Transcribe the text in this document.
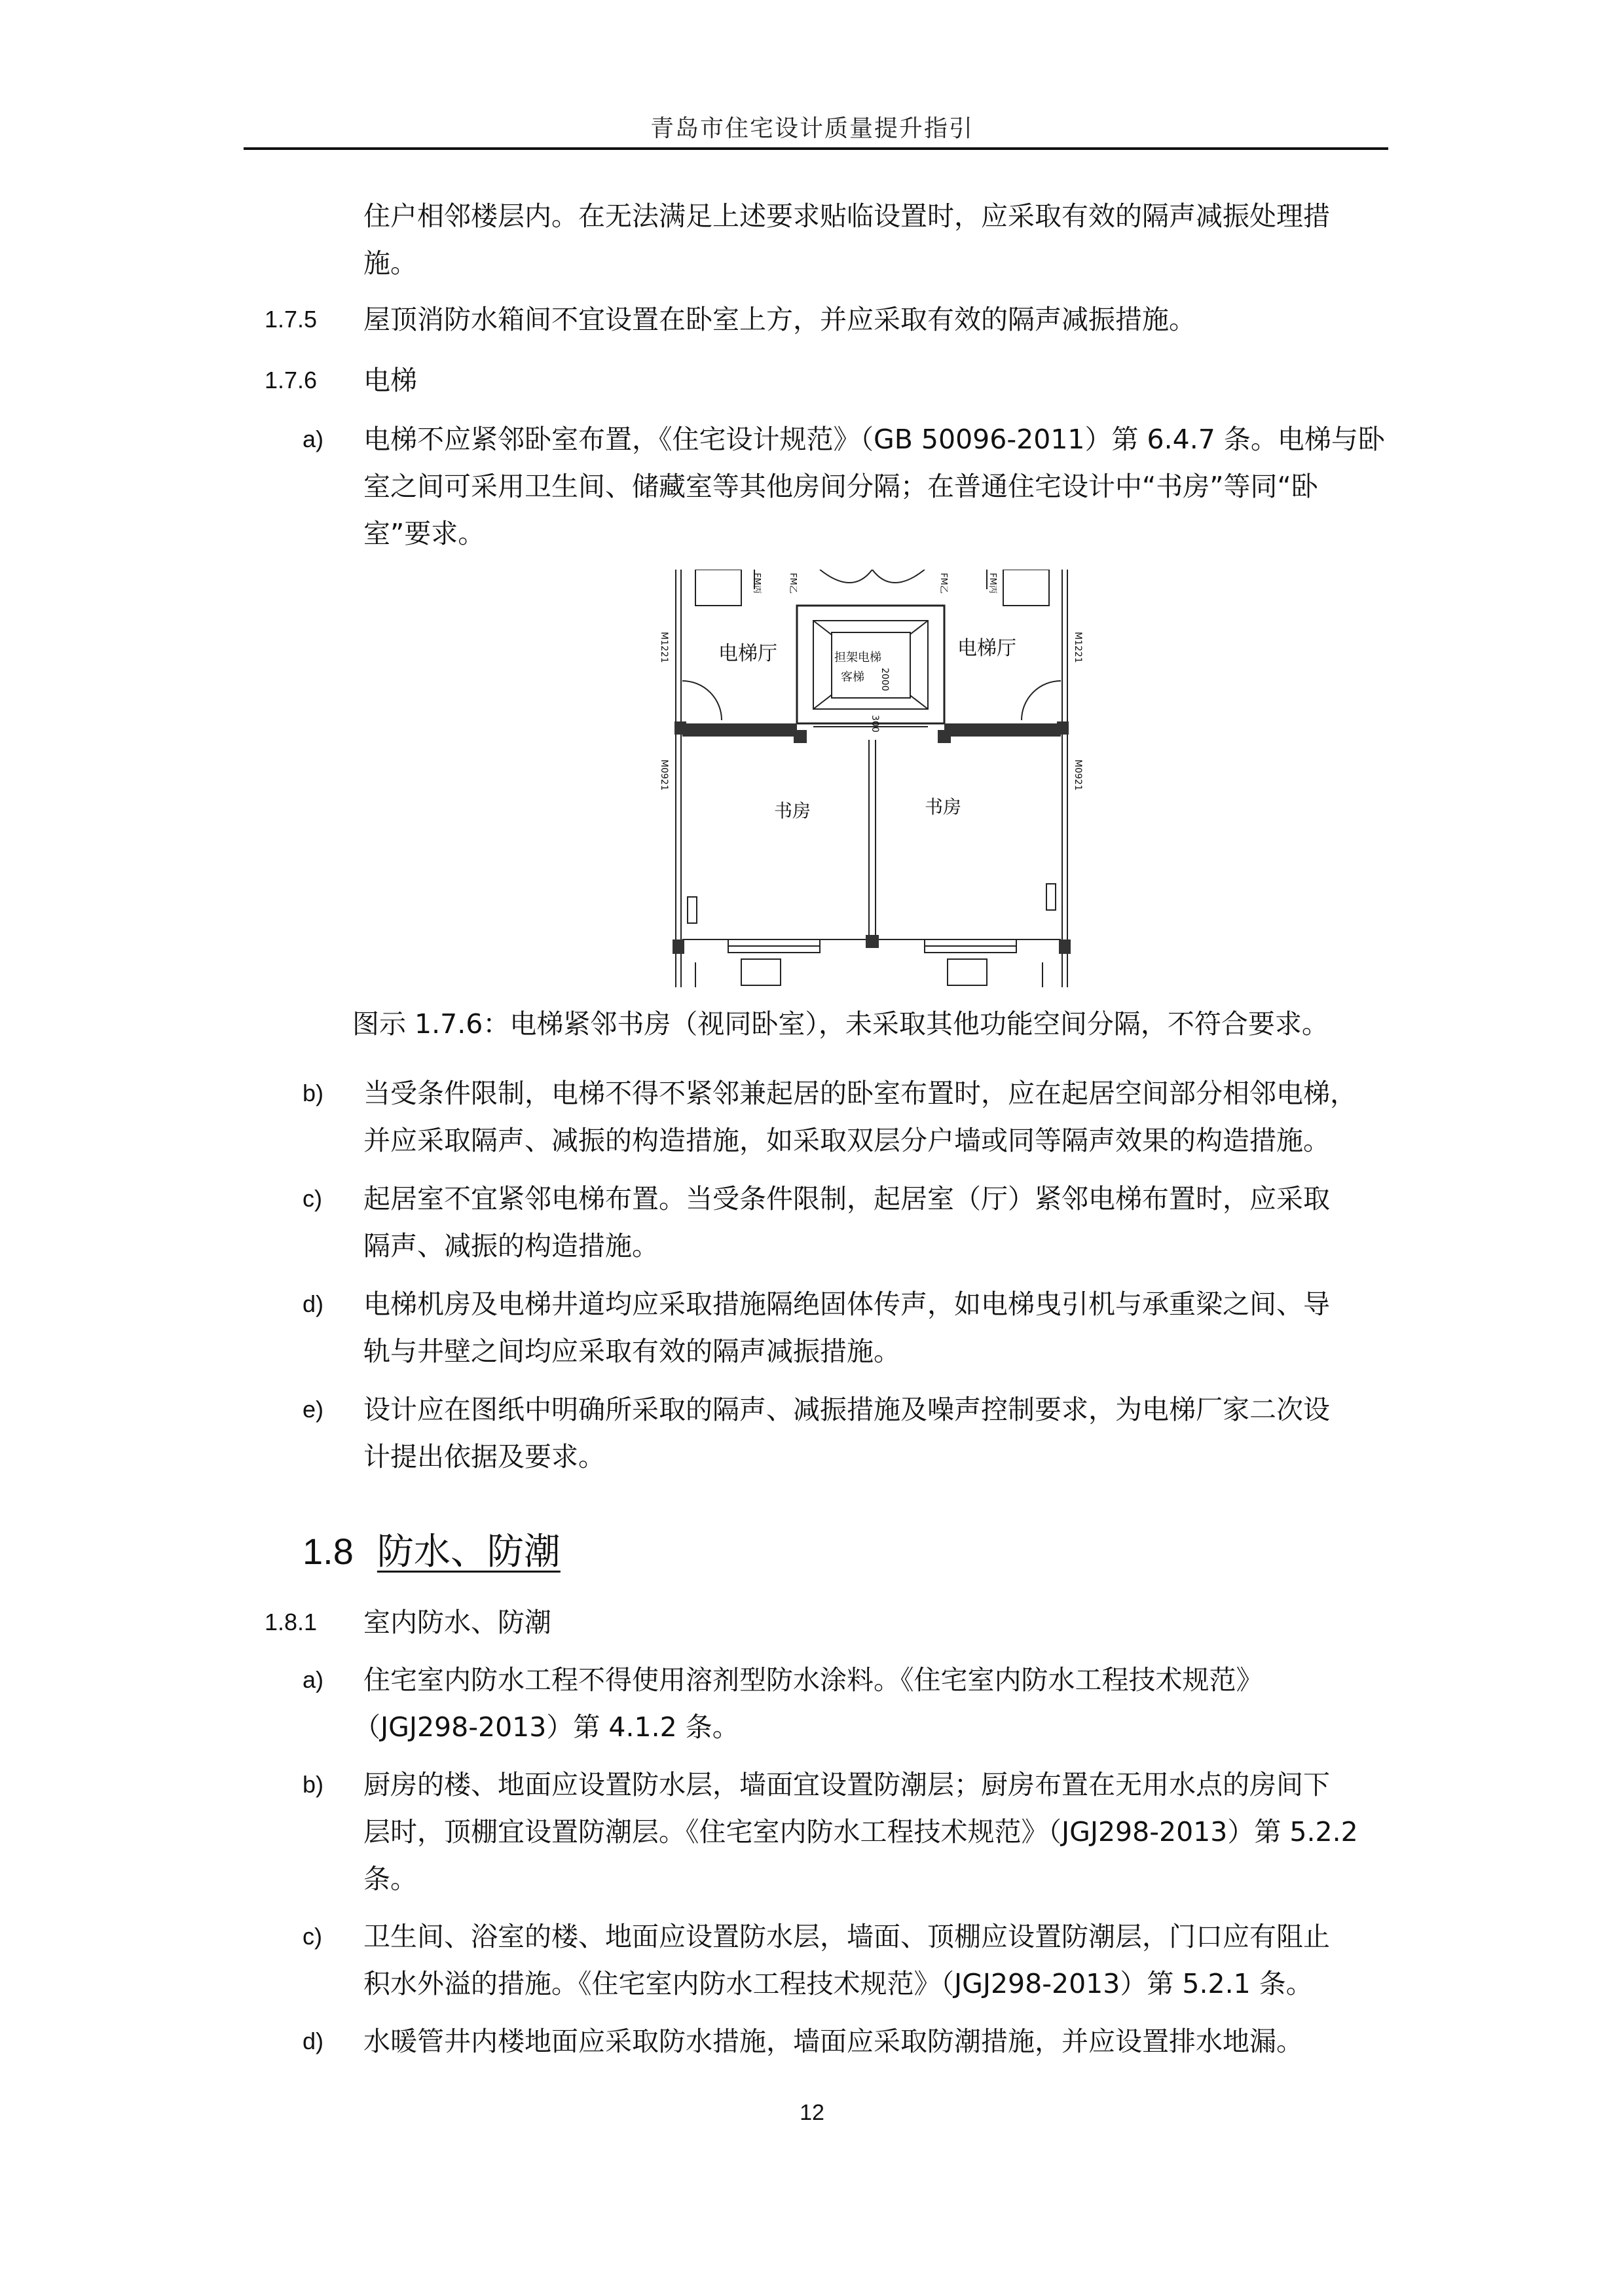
青岛市住宅设计质量提升指引
住户相邻楼层内。在无法满足上述要求贴临设置时，应采取有效的隔声减振处理措
施。
1.7.5 屋顶消防水箱间不宜设置在卧室上方，并应采取有效的隔声减振措施。
1.7.6 电梯
a) 电梯不应紧邻卧室布置，《住宅设计规范》（GB 50096-2011）第 6.4.7 条。电梯与卧
室之间可采用卫生间、储藏室等其他房间分隔；在普通住宅设计中“书房”等同“卧
室”要求。
电梯厅	电梯厅
书房	书房
担架电梯
客梯 2000
300
M1221	M1221
M0921	M0921
FM丙	FM乙	FM乙	FM丙
图示 1.7.6：电梯紧邻书房（视同卧室），未采取其他功能空间分隔，不符合要求。
b) 当受条件限制，电梯不得不紧邻兼起居的卧室布置时，应在起居空间部分相邻电梯，
并应采取隔声、减振的构造措施，如采取双层分户墙或同等隔声效果的构造措施。
c) 起居室不宜紧邻电梯布置。当受条件限制，起居室（厅）紧邻电梯布置时，应采取
隔声、减振的构造措施。
d) 电梯机房及电梯井道均应采取措施隔绝固体传声，如电梯曳引机与承重梁之间、导
轨与井壁之间均应采取有效的隔声减振措施。
e) 设计应在图纸中明确所采取的隔声、减振措施及噪声控制要求，为电梯厂家二次设
计提出依据及要求。
1.8 防水、防潮
1.8.1 室内防水、防潮
a) 住宅室内防水工程不得使用溶剂型防水涂料。《住宅室内防水工程技术规范》
（JGJ298-2013）第 4.1.2 条。
b) 厨房的楼、地面应设置防水层，墙面宜设置防潮层；厨房布置在无用水点的房间下
层时，顶棚宜设置防潮层。《住宅室内防水工程技术规范》（JGJ298-2013）第 5.2.2
条。
c) 卫生间、浴室的楼、地面应设置防水层，墙面、顶棚应设置防潮层，门口应有阻止
积水外溢的措施。《住宅室内防水工程技术规范》（JGJ298-2013）第 5.2.1 条。
d) 水暖管井内楼地面应采取防水措施，墙面应采取防潮措施，并应设置排水地漏。
12
